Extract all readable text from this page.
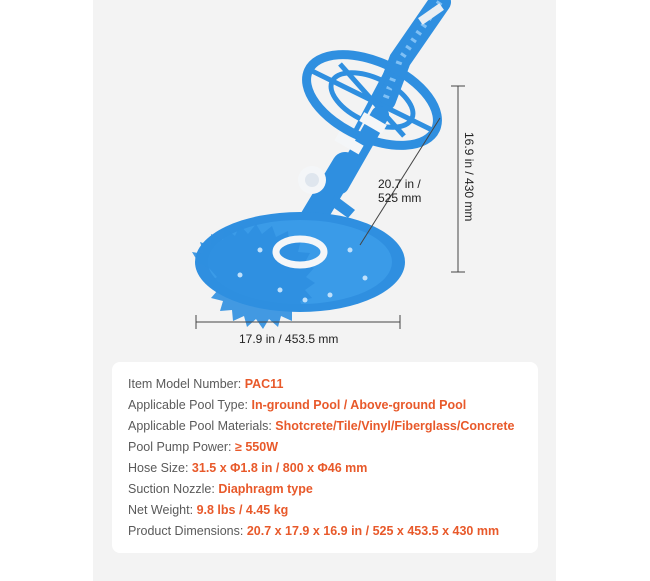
17.9 in / 453.5 mm
16.9 in / 430 mm
20.7 in /
525 mm
Item Model Number: PAC11
Applicable Pool Type: In-ground Pool / Above-ground Pool
Applicable Pool Materials: Shotcrete/Tile/Vinyl/Fiberglass/Concrete
Pool Pump Power: ≥ 550W
Hose Size: 31.5 x Φ1.8 in / 800 x Φ46 mm
Suction Nozzle: Diaphragm type
Net Weight: 9.8 lbs / 4.45 kg
Product Dimensions: 20.7 x 17.9 x 16.9 in / 525 x 453.5 x 430 mm
